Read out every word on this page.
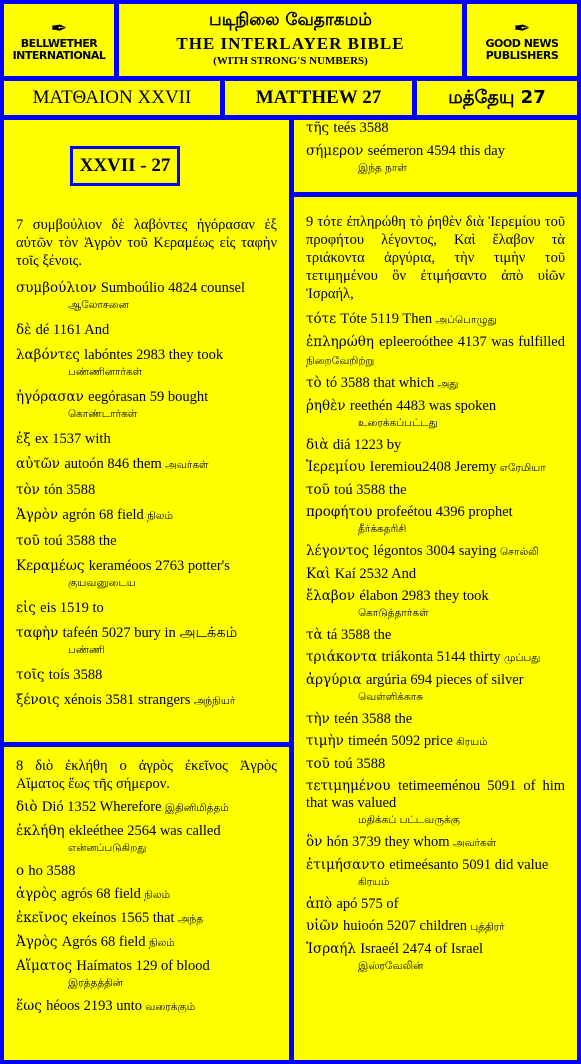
✒
BELLWETHER INTERNATIONAL
படிநிலை வேதாகமம்
THE INTERLAYER BIBLE
(WITH STRONG'S NUMBERS)
✒
GOOD NEWS PUBLISHERS
ΜΑΤΘΑΙΟΝ XXVII	MATTHEW 27	மத்தேயு 27
XXVII - 27
7 συμβούλιον δὲ λαβόντες ἠγόρασαν ἐξ αὐτῶν τὸν Ἀγρὸν τοῦ Κεραμέως εἰς ταφὴν τοῖς ξένοις.
συμβούλιον Sumboúlio 4824 counsel
ஆலோசனை
δὲ dé 1161 And
λαβόντες labóntes 2983 they took
பண்ணினார்கள்
ἠγόρασαν eegórasan 59 bought
கொண்டார்கள்
ἐξ ex 1537 with
αὐτῶν autoón 846 them அவர்கள்
τὸν tón 3588
Ἀγρὸν agrón 68 field நிலம்
τοῦ toú 3588 the
Κεραμέως keraméoos 2763 potter's
குயவனுடைய
εἰς eis 1519 to
ταφὴν tafeén 5027 bury in அடக்கம்
பண்ணி
τοῖς toís 3588
ξένοις xénois 3581 strangers அந்நியர்
8 διὸ ἐκλήθη ο ἀγρὸς ἐκεῖνος Ἀγρὸς Αἵματος ἕως τῆς σήμερον.
διὸ Dió 1352 Wherefore இதினிமித்தம்
ἐκλήθη ekleéthee 2564 was called
என்னப்படுகிறது
ο ho 3588
ἀγρὸς agrós 68 field நிலம்
ἐκεῖνος ekeínos 1565 that அந்த
Ἀγρὸς Agrós 68 field நிலம்
Αἵματος Haímatos 129 of blood
இரத்தத்தின்
ἕως héoos 2193 unto வரைக்கும்
τῆς teés 3588
σήμερον seémeron 4594 this day
இந்த நாள்
9 τότε ἐπληρώθη τὸ ῥηθὲν διὰ Ἰερεμίου τοῦ προφήτου λέγοντος, Καὶ ἔλαβον τὰ τριάκοντα ἀργύρια, τὴν τιμὴν τοῦ τετιμημένου ὃν ἐτιμήσαντο ἀπὸ υἱῶν Ἰσραήλ,
τότε Tóte 5119 Then அப்பொழுது
ἐπληρώθη epleeroóthee 4137 was fulfilled நிறைவேறிற்று
τὸ tó 3588 that which அது
ῥηθὲν reethén 4483 was spoken
உரைக்கப்பட்டது
διὰ diá 1223 by
Ἰερεμίου Ieremiou2408 Jeremy எரேமியா
τοῦ toú 3588 the
προφήτου profeétou 4396 prophet
தீர்க்கதரிசி
λέγοντος légontos 3004 saying சொல்லி
Καὶ Kaí 2532 And
ἔλαβον élabon 2983 they took
கொடுத்தார்கள்
τὰ tá 3588 the
τριάκοντα triákonta 5144 thirty முப்பது
ἀργύρια argúria 694 pieces of silver
வெள்ளிக்காசு
τὴν teén 3588 the
τιμὴν timeén 5092 price கிரயம்
τοῦ toú 3588
τετιμημένου tetimeeménou 5091 of him that was valued
மதிக்கப் பட்டவருக்கு
ὃν hón 3739 they whom அவர்கள்
ἐτιμήσαντο etimeésanto 5091 did value
கிரயம்
ἀπὸ apó 575 of
υἱῶν huioón 5207 children புத்திரர்
Ἰσραήλ Israeél 2474 of Israel
இஸ்ரவேலின்
